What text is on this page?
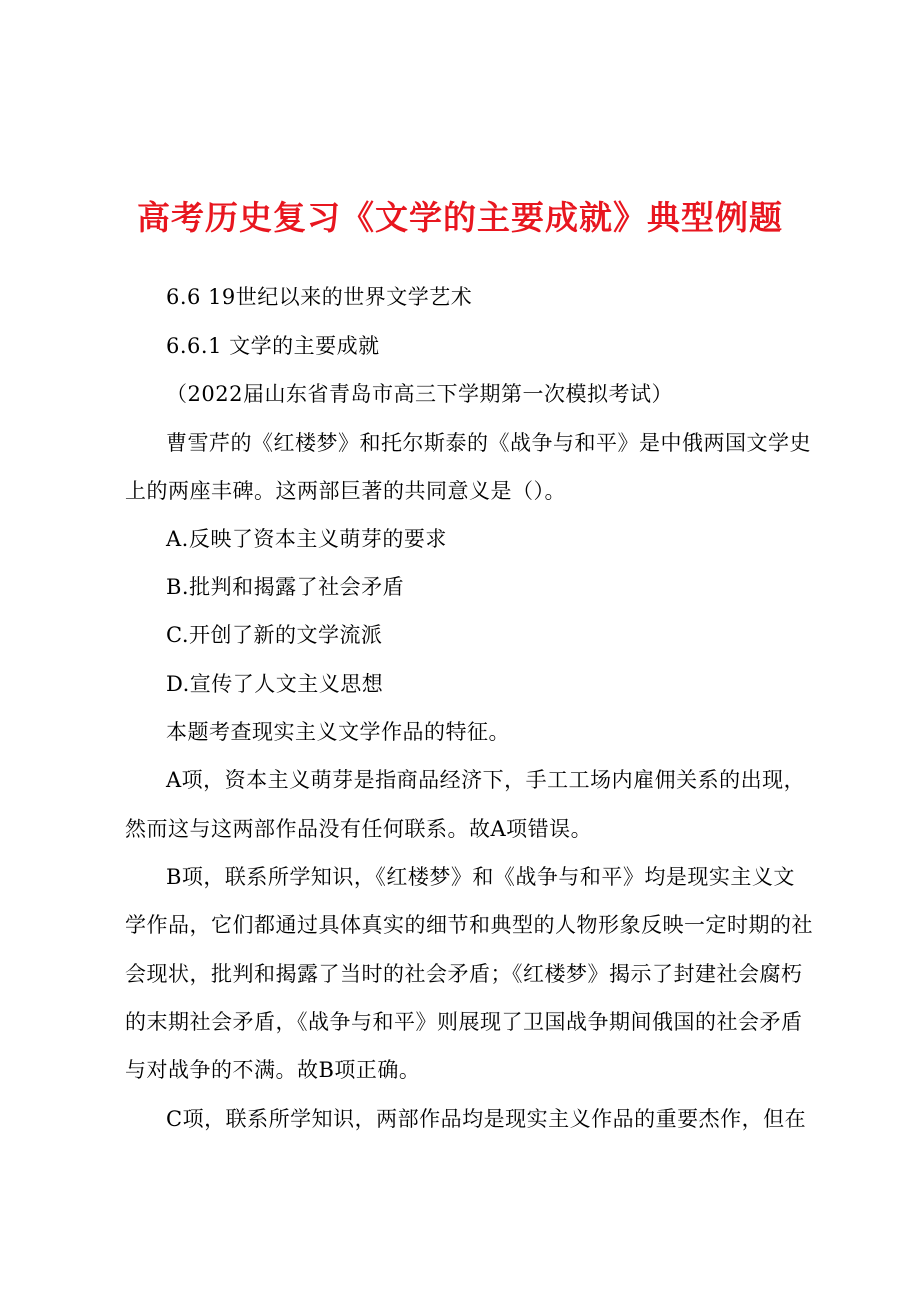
高考历史复习《文学的主要成就》典型例题
6.6 19世纪以来的世界文学艺术
6.6.1 文学的主要成就
（2022届山东省青岛市高三下学期第一次模拟考试）
曹雪芹的《红楼梦》和托尔斯泰的《战争与和平》是中俄两国文学史
上的两座丰碑。这两部巨著的共同意义是（）。
A.反映了资本主义萌芽的要求
B.批判和揭露了社会矛盾
C.开创了新的文学流派
D.宣传了人文主义思想
本题考查现实主义文学作品的特征。
A项，资本主义萌芽是指商品经济下，手工工场内雇佣关系的出现，
然而这与这两部作品没有任何联系。故A项错误。
B项，联系所学知识，《红楼梦》和《战争与和平》均是现实主义文
学作品，它们都通过具体真实的细节和典型的人物形象反映一定时期的社
会现状，批判和揭露了当时的社会矛盾；《红楼梦》揭示了封建社会腐朽
的末期社会矛盾，《战争与和平》则展现了卫国战争期间俄国的社会矛盾
与对战争的不满。故B项正确。
C项，联系所学知识，两部作品均是现实主义作品的重要杰作，但在
